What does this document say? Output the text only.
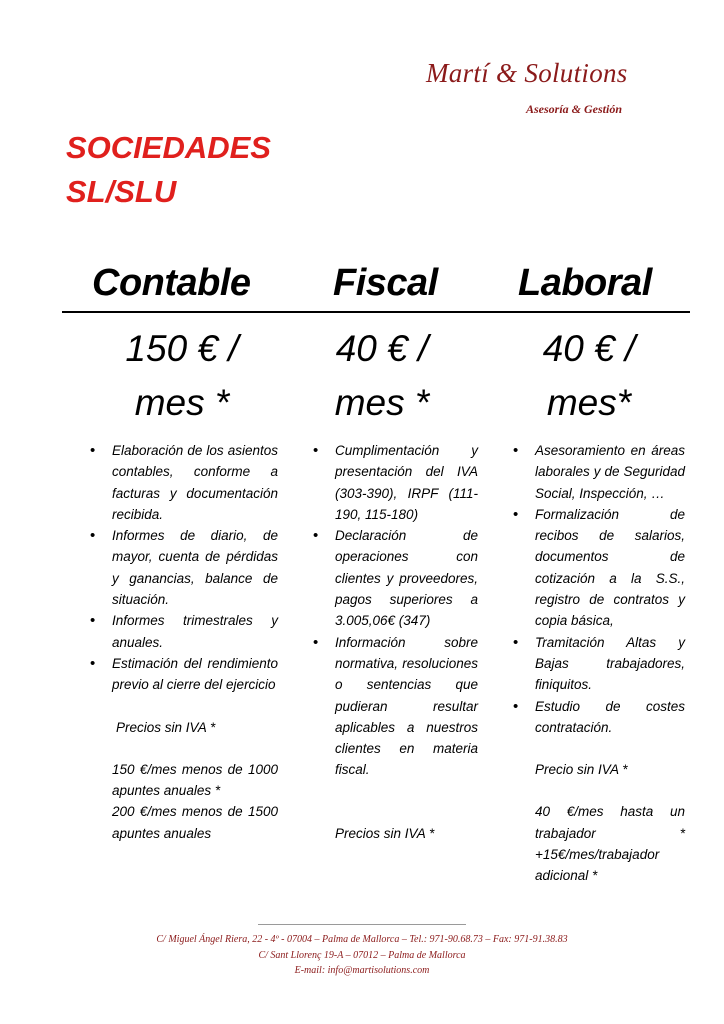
Martí & Solutions
Asesoría & Gestión
SOCIEDADES
SL/SLU
Contable Fiscal Laboral
150 € /
mes *
40 € /
mes *
40 € /
mes*
• Elaboración de los asientos contables, conforme a facturas y documentación recibida.
• Informes de diario, de mayor, cuenta de pérdidas y ganancias, balance de situación.
• Informes trimestrales y anuales.
• Estimación del rendimiento previo al cierre del ejercicio

Precios sin IVA *

150 €/mes menos de 1000 apuntes anuales *

200 €/mes menos de 1500 apuntes anuales

• Cumplimentación y presentación del IVA (303-390), IRPF (111-190, 115-180)
• Declaración de operaciones con clientes y proveedores, pagos superiores a 3.005,06€ (347)
• Información sobre normativa, resoluciones o sentencias que pudieran resultar aplicables a nuestros clientes en materia fiscal.

Precios sin IVA *

• Asesoramiento en áreas laborales y de Seguridad Social, Inspección, …
• Formalización de recibos de salarios, documentos de cotización a la S.S., registro de contratos y copia básica,
• Tramitación Altas y Bajas trabajadores, finiquitos.
• Estudio de costes contratación.

Precio sin IVA *

40 €/mes hasta un trabajador * +15€/mes/trabajador adicional *

C/ Miguel Ángel Riera, 22 - 4º - 07004 – Palma de Mallorca – Tel.: 971-90.68.73 – Fax: 971-91.38.83
C/ Sant Llorenç 19-A – 07012 – Palma de Mallorca
E-mail: info@martisolutions.com
